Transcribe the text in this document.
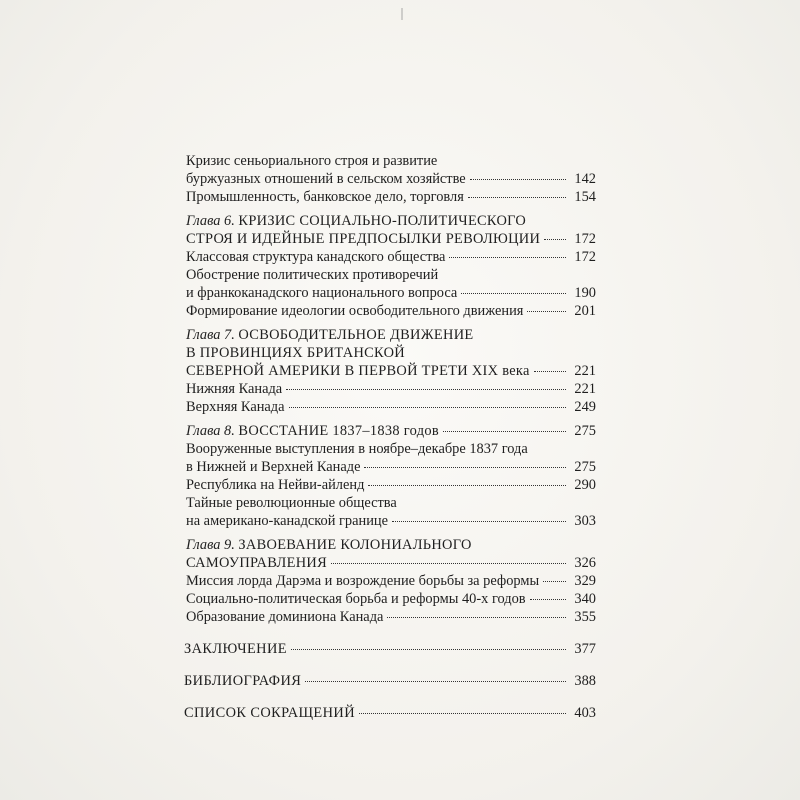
Кризис сеньориального строя и развитие
буржуазных отношений в сельском хозяйстве	142
Промышленность, банковское дело, торговля	154
Глава 6. КРИЗИС СОЦИАЛЬНО-ПОЛИТИЧЕСКОГО
СТРОЯ И ИДЕЙНЫЕ ПРЕДПОСЫЛКИ РЕВОЛЮЦИИ	172
Классовая структура канадского общества	172
Обострение политических противоречий
и франкоканадского национального вопроса	190
Формирование идеологии освободительного движения	201
Глава 7. ОСВОБОДИТЕЛЬНОЕ ДВИЖЕНИЕ
В ПРОВИНЦИЯХ БРИТАНСКОЙ
СЕВЕРНОЙ АМЕРИКИ В ПЕРВОЙ ТРЕТИ XIX века	221
Нижняя Канада	221
Верхняя Канада	249
Глава 8. ВОССТАНИЕ 1837–1838 годов	275
Вооруженные выступления в ноябре–декабре 1837 года
в Нижней и Верхней Канаде	275
Республика на Нейви-айленд	290
Тайные революционные общества
на американо-канадской границе	303
Глава 9. ЗАВОЕВАНИЕ КОЛОНИАЛЬНОГО
САМОУПРАВЛЕНИЯ	326
Миссия лорда Дарэма и возрождение борьбы за реформы	329
Социально-политическая борьба и реформы 40-х годов	340
Образование доминиона Канада	355
ЗАКЛЮЧЕНИЕ	377
БИБЛИОГРАФИЯ	388
СПИСОК СОКРАЩЕНИЙ	403
